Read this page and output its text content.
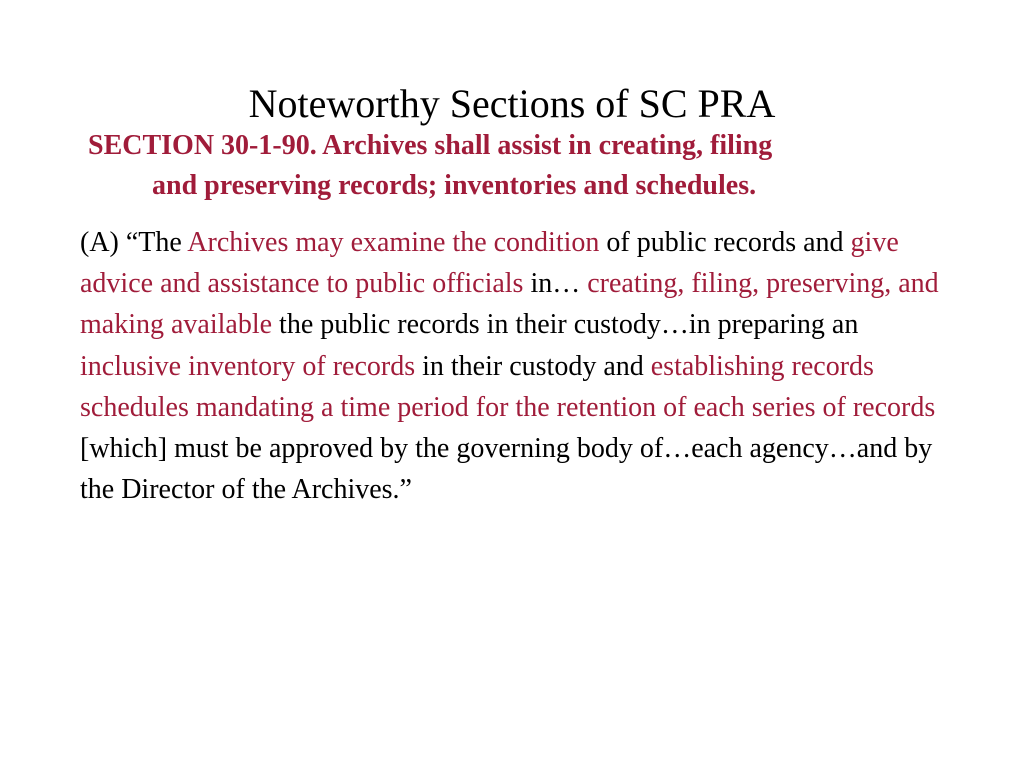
Noteworthy Sections of SC PRA
SECTION 30-1-90. Archives shall assist in creating, filing
and preserving records; inventories and schedules.
(A) “The Archives may examine the condition of public records and give advice and assistance to public officials in… creating, filing, preserving, and making available the public records in their custody…in preparing an inclusive inventory of records in their custody and establishing records schedules mandating a time period for the retention of each series of records [which] must be approved by the governing body of…each agency…and by the Director of the Archives.”
